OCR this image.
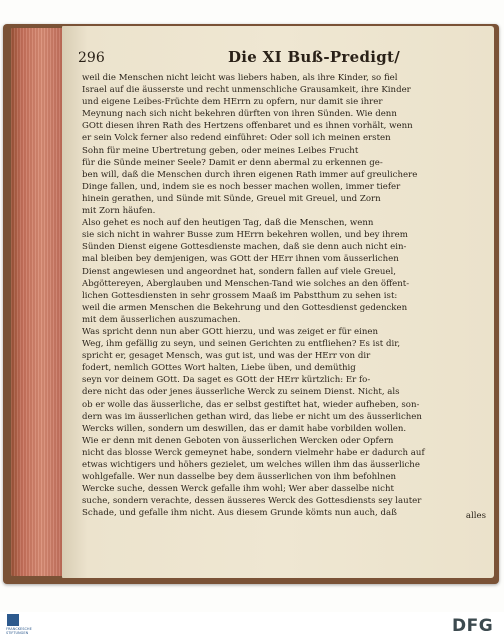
296	Die XI Buß-Predigt/
weil die Menschen nicht leicht was liebers haben, als ihre Kinder, so fiel
Israel auf die äusserste und recht unmenschliche Grausamkeit, ihre Kinder
und eigene Leibes-Früchte dem HErrn zu opfern, nur damit sie ihrer
Meynung nach sich nicht bekehren dürften von ihren Sünden. Wie denn
GOtt diesen ihren Rath des Hertzens offenbaret und es ihnen vorhält, wenn
er sein Volck ferner also redend einführet: Oder soll ich meinen ersten
Sohn für meine Ubertretung geben, oder meines Leibes Frucht
für die Sünde meiner Seele? Damit er denn abermal zu erkennen ge-
ben will, daß die Menschen durch ihren eigenen Rath immer auf greulichere
Dinge fallen, und, indem sie es noch besser machen wollen, immer tiefer
hinein gerathen, und Sünde mit Sünde, Greuel mit Greuel, und Zorn
mit Zorn häufen.
Also gehet es noch auf den heutigen Tag, daß die Menschen, wenn
sie sich nicht in wahrer Busse zum HErrn bekehren wollen, und bey ihrem
Sünden Dienst eigene Gottesdienste machen, daß sie denn auch nicht ein-
mal bleiben bey demjenigen, was GOtt der HErr ihnen vom äusserlichen
Dienst angewiesen und angeordnet hat, sondern fallen auf viele Greuel,
Abgöttereyen, Aberglauben und Menschen-Tand wie solches an den öffent-
lichen Gottesdiensten in sehr grossem Maaß im Pabstthum zu sehen ist:
weil die armen Menschen die Bekehrung und den Gottesdienst gedencken
mit dem äusserlichen auszumachen.
Was spricht denn nun aber GOtt hierzu, und was zeiget er für einen
Weg, ihm gefällig zu seyn, und seinen Gerichten zu entfliehen? Es ist dir,
spricht er, gesaget Mensch, was gut ist, und was der HErr von dir
fodert, nemlich GOttes Wort halten, Liebe üben, und demüthig
seyn vor deinem GOtt. Da saget es GOtt der HErr kürtzlich: Er fo-
dere nicht das oder jenes äusserliche Werck zu seinem Dienst. Nicht, als
ob er wolle das äusserliche, das er selbst gestiftet hat, wieder aufheben, son-
dern was im äusserlichen gethan wird, das liebe er nicht um des äusserlichen
Wercks willen, sondern um deswillen, das er damit habe vorbilden wollen.
Wie er denn mit denen Geboten von äusserlichen Wercken oder Opfern
nicht das blosse Werck gemeynet habe, sondern vielmehr habe er dadurch auf
etwas wichtigers und höhers gezielet, um welches willen ihm das äusserliche
wohlgefalle. Wer nun dasselbe bey dem äusserlichen von ihm befohlnen
Wercke suche, dessen Werck gefalle ihm wohl; Wer aber dasselbe nicht
suche, sondern verachte, dessen äusseres Werck des Gottesdiensts sey lauter
Schade, und gefalle ihm nicht. Aus diesem Grunde kömts nun auch, daß	alles
FRANCKESCHE STIFTUNGEN	DFG
